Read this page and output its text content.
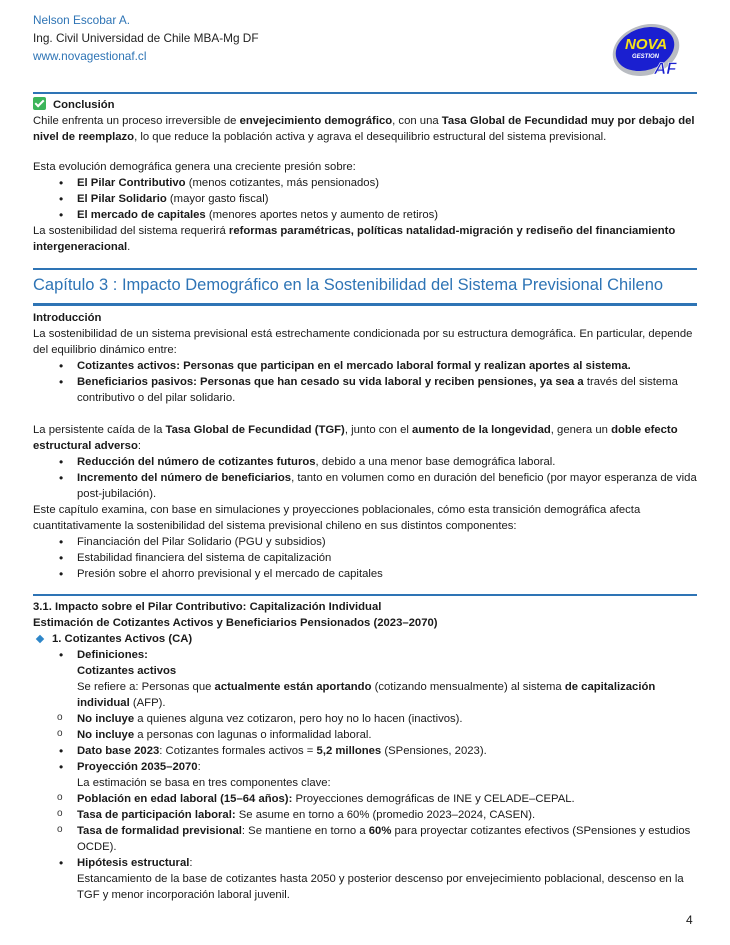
Nelson Escobar A.
Ing. Civil Universidad de Chile MBA-Mg DF
www.novagestionaf.cl
NOVA
GESTION
AF

Conclusión

Chile enfrenta un proceso irreversible de envejecimiento demográfico, con una Tasa Global de Fecundidad muy por debajo del nivel de reemplazo, lo que reduce la población activa y agrava el desequilibrio estructural del sistema previsional.

Esta evolución demográfica genera una creciente presión sobre:

• El Pilar Contributivo (menos cotizantes, más pensionados)
• El Pilar Solidario (mayor gasto fiscal)
• El mercado de capitales (menores aportes netos y aumento de retiros)

La sostenibilidad del sistema requerirá reformas paramétricas, políticas natalidad-migración y rediseño del financiamiento intergeneracional.

Capítulo 3 : Impacto Demográfico en la Sostenibilidad del Sistema Previsional Chileno

Introducción

La sostenibilidad de un sistema previsional está estrechamente condicionada por su estructura demográfica. En particular, depende del equilibrio dinámico entre:

• Cotizantes activos: Personas que participan en el mercado laboral formal y realizan aportes al sistema.
• Beneficiarios pasivos: Personas que han cesado su vida laboral y reciben pensiones, ya sea a través del sistema contributivo o del pilar solidario.

La persistente caída de la Tasa Global de Fecundidad (TGF), junto con el aumento de la longevidad, genera un doble efecto estructural adverso:

• Reducción del número de cotizantes futuros, debido a una menor base demográfica laboral.
• Incremento del número de beneficiarios, tanto en volumen como en duración del beneficio (por mayor esperanza de vida post-jubilación).

Este capítulo examina, con base en simulaciones y proyecciones poblacionales, cómo esta transición demográfica afecta cuantitativamente la sostenibilidad del sistema previsional chileno en sus distintos componentes:

• Financiación del Pilar Solidario (PGU y subsidios)
• Estabilidad financiera del sistema de capitalización
• Presión sobre el ahorro previsional y el mercado de capitales

3.1. Impacto sobre el Pilar Contributivo: Capitalización Individual

Estimación de Cotizantes Activos y Beneficiarios Pensionados (2023–2070)

1. Cotizantes Activos (CA)

• Definiciones:
Cotizantes activos
Se refiere a: Personas que actualmente están aportando (cotizando mensualmente) al sistema de capitalización individual (AFP).
o No incluye a quienes alguna vez cotizaron, pero hoy no lo hacen (inactivos).
o No incluye a personas con lagunas o informalidad laboral.
• Dato base 2023: Cotizantes formales activos = 5,2 millones (SPensiones, 2023).
• Proyección 2035–2070:
La estimación se basa en tres componentes clave:
o Población en edad laboral (15–64 años): Proyecciones demográficas de INE y CELADE–CEPAL.
o Tasa de participación laboral: Se asume en torno a 60% (promedio 2023–2024, CASEN).
o Tasa de formalidad previsional: Se mantiene en torno a 60% para proyectar cotizantes efectivos (SPensiones y estudios OCDE).
• Hipótesis estructural:
Estancamiento de la base de cotizantes hasta 2050 y posterior descenso por envejecimiento poblacional, descenso en la TGF y menor incorporación laboral juvenil.
4
